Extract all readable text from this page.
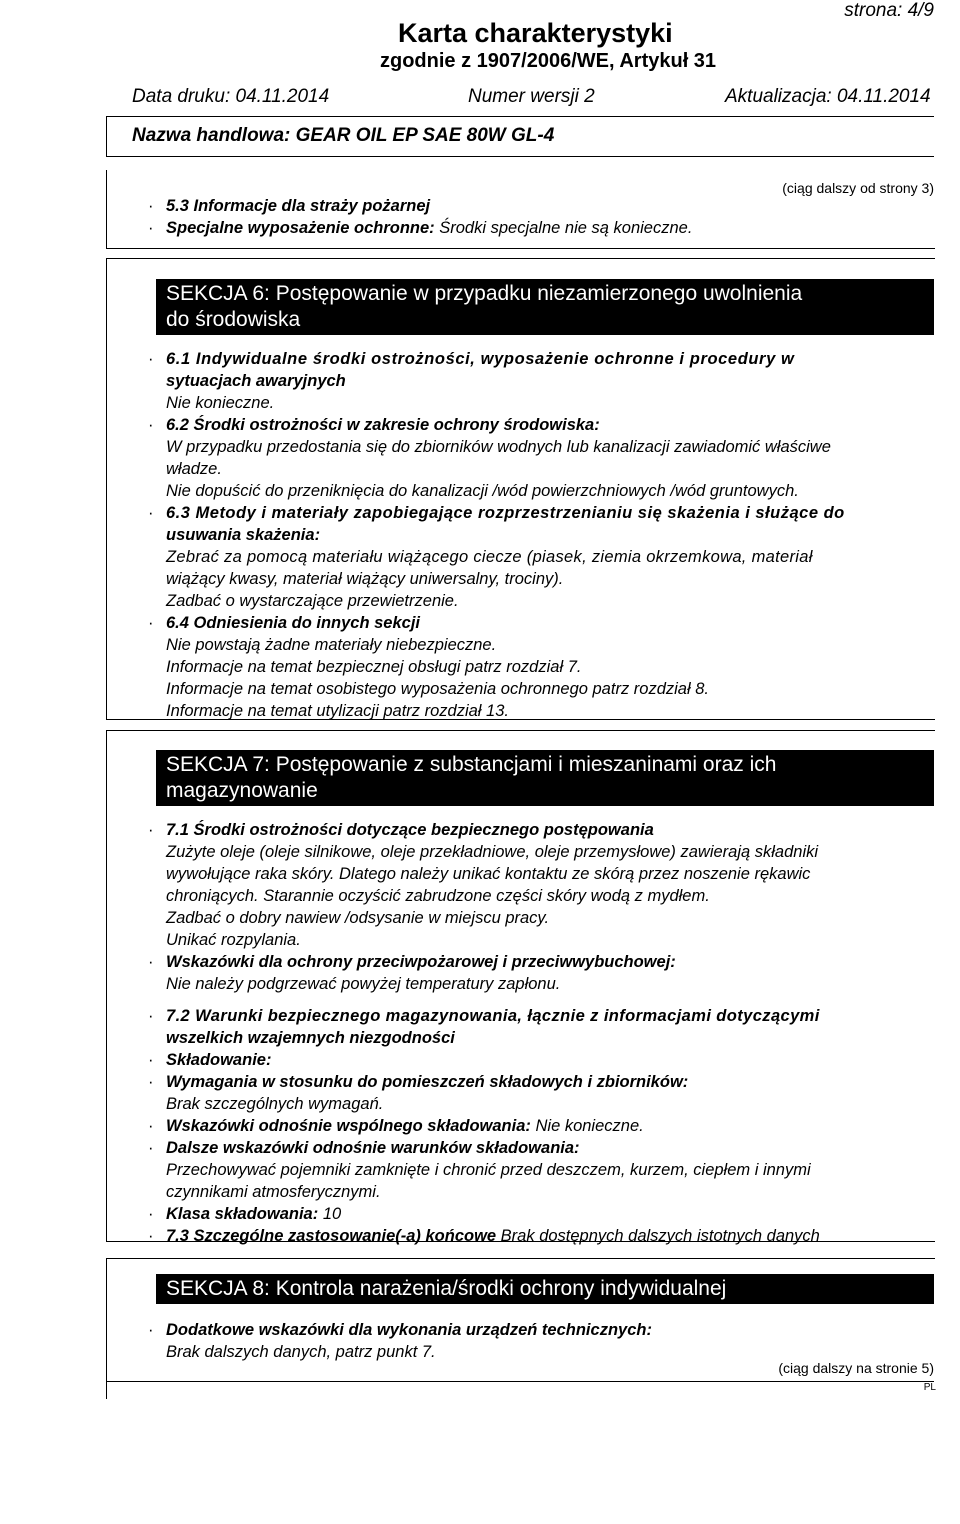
strona: 4/9
Karta charakterystyki
zgodnie z 1907/2006/WE, Artykuł 31
Data druku: 04.11.2014	Numer wersji 2	Aktualizacja: 04.11.2014
Nazwa handlowa: GEAR OIL EP SAE 80W GL-4
(ciąg dalszy od strony 3)
· 5.3 Informacje dla straży pożarnej
· Specjalne wyposażenie ochronne: Środki specjalne nie są konieczne.
SEKCJA 6: Postępowanie w przypadku niezamierzonego uwolnienia
do środowiska
· 6.1 Indywidualne środki ostrożności, wyposażenie ochronne i procedury w
sytuacjach awaryjnych
Nie konieczne.
· 6.2 Środki ostrożności w zakresie ochrony środowiska:
W przypadku przedostania się do zbiorników wodnych lub kanalizacji zawiadomić właściwe
władze.
Nie dopuścić do przeniknięcia do kanalizacji /wód powierzchniowych /wód gruntowych.
· 6.3 Metody i materiały zapobiegające rozprzestrzenianiu się skażenia i służące do
usuwania skażenia:
Zebrać za pomocą materiału wiążącego ciecze (piasek, ziemia okrzemkowa, materiał
wiążący kwasy, materiał wiążący uniwersalny, trociny).
Zadbać o wystarczające przewietrzenie.
· 6.4 Odniesienia do innych sekcji
Nie powstają żadne materiały niebezpieczne.
Informacje na temat bezpiecznej obsługi patrz rozdział 7.
Informacje na temat osobistego wyposażenia ochronnego patrz rozdział 8.
Informacje na temat utylizacji patrz rozdział 13.
SEKCJA 7: Postępowanie z substancjami i mieszaninami oraz ich
magazynowanie
· 7.1 Środki ostrożności dotyczące bezpiecznego postępowania
Zużyte oleje (oleje silnikowe, oleje przekładniowe, oleje przemysłowe) zawierają składniki
wywołujące raka skóry. Dlatego należy unikać kontaktu ze skórą przez noszenie rękawic
chroniących. Starannie oczyścić zabrudzone części skóry wodą z mydłem.
Zadbać o dobry nawiew /odsysanie w miejscu pracy.
Unikać rozpylania.
· Wskazówki dla ochrony przeciwpożarowej i przeciwwybuchowej:
Nie należy podgrzewać powyżej temperatury zapłonu.
· 7.2 Warunki bezpiecznego magazynowania, łącznie z informacjami dotyczącymi
wszelkich wzajemnych niezgodności
· Składowanie:
· Wymagania w stosunku do pomieszczeń składowych i zbiorników:
Brak szczególnych wymagań.
· Wskazówki odnośnie wspólnego składowania: Nie konieczne.
· Dalsze wskazówki odnośnie warunków składowania:
Przechowywać pojemniki zamknięte i chronić przed deszczem, kurzem, ciepłem i innymi
czynnikami atmosferycznymi.
· Klasa składowania: 10
· 7.3 Szczególne zastosowanie(-a) końcowe Brak dostępnych dalszych istotnych danych
SEKCJA 8: Kontrola narażenia/środki ochrony indywidualnej
· Dodatkowe wskazówki dla wykonania urządzeń technicznych:
Brak dalszych danych, patrz punkt 7.
(ciąg dalszy na stronie 5)
PL
